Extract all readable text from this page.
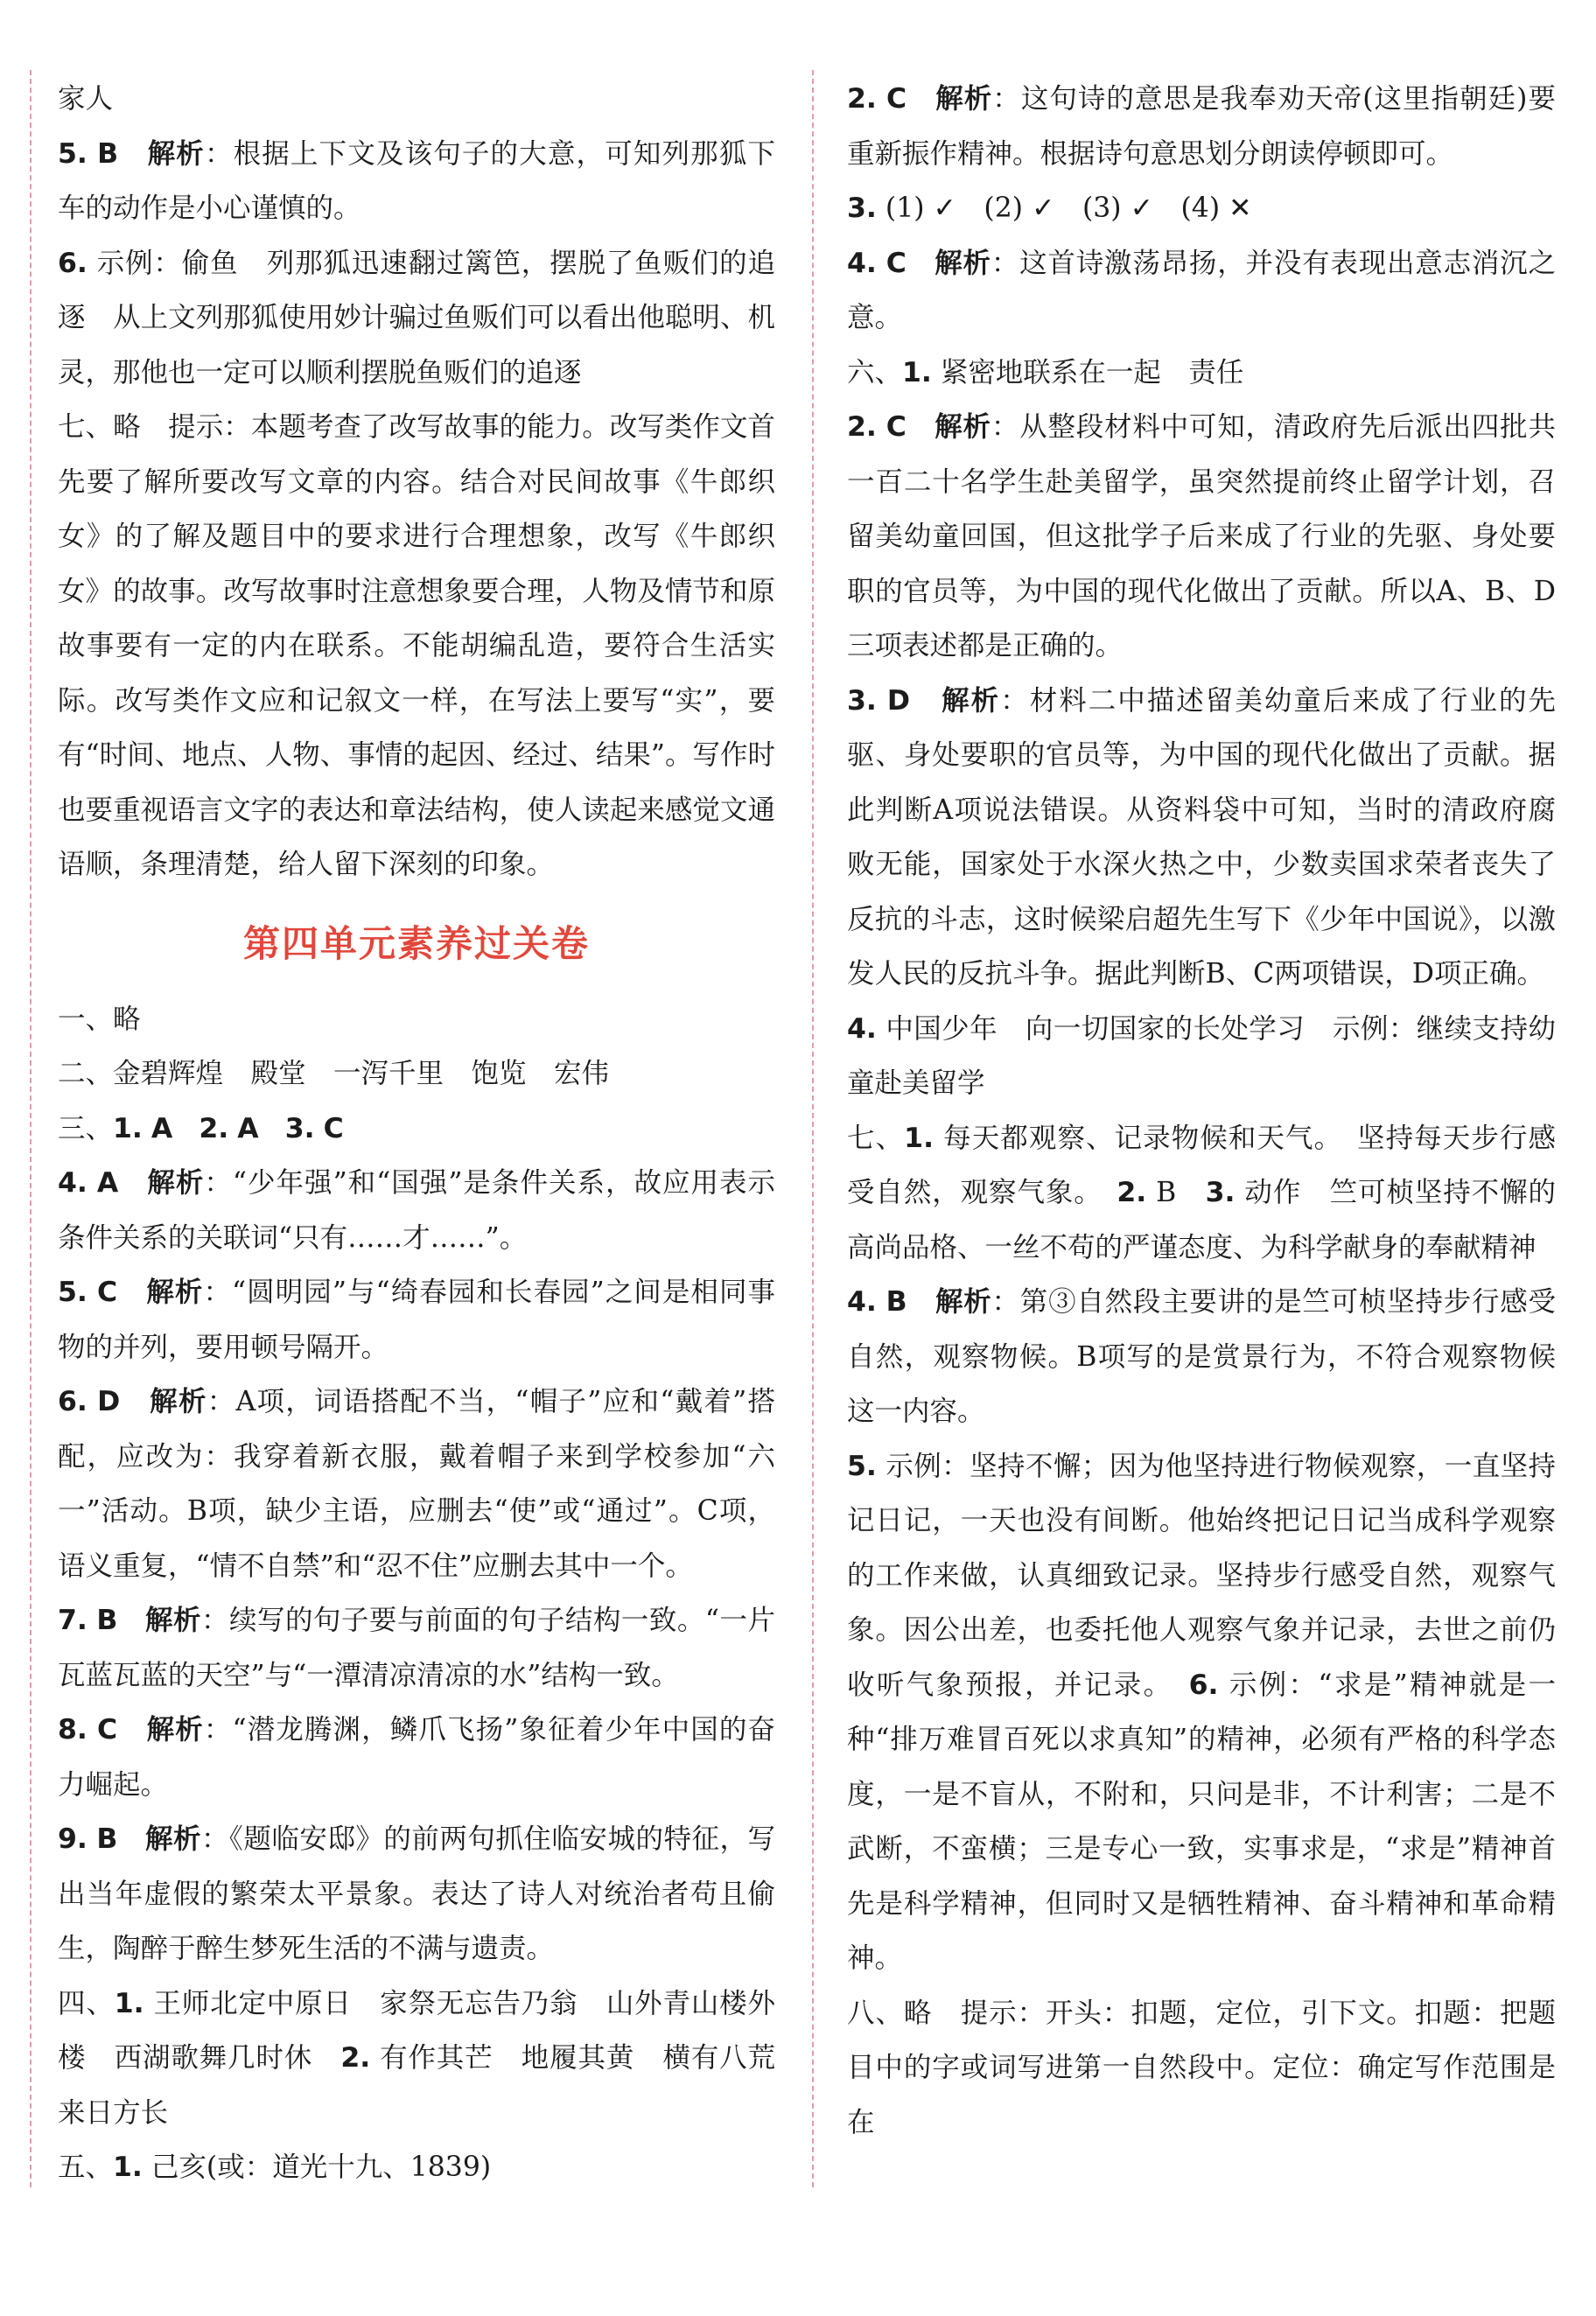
家人

5. B 解析：根据上下文及该句子的大意，可知列那狐下车的动作是小心谨慎的。

6. 示例：偷鱼　列那狐迅速翻过篱笆，摆脱了鱼贩们的追逐　从上文列那狐使用妙计骗过鱼贩们可以看出他聪明、机灵，那他也一定可以顺利摆脱鱼贩们的追逐

七、略　提示：本题考查了改写故事的能力。改写类作文首先要了解所要改写文章的内容。结合对民间故事《牛郎织女》的了解及题目中的要求进行合理想象，改写《牛郎织女》的故事。改写故事时注意想象要合理，人物及情节和原故事要有一定的内在联系。不能胡编乱造，要符合生活实际。改写类作文应和记叙文一样，在写法上要写“实”，要有“时间、地点、人物、事情的起因、经过、结果”。写作时也要重视语言文字的表达和章法结构，使人读起来感觉文通语顺，条理清楚，给人留下深刻的印象。

第四单元素养过关卷

一、略

二、金碧辉煌　殿堂　一泻千里　饱览　宏伟

三、1. A 2. A 3. C

4. A 解析：“少年强”和“国强”是条件关系，故应用表示条件关系的关联词“只有……才……”。

5. C 解析：“圆明园”与“绮春园和长春园”之间是相同事物的并列，要用顿号隔开。

6. D 解析：A项，词语搭配不当，“帽子”应和“戴着”搭配，应改为：我穿着新衣服，戴着帽子来到学校参加“六一”活动。B项，缺少主语，应删去“使”或“通过”。C项，语义重复，“情不自禁”和“忍不住”应删去其中一个。

7. B 解析：续写的句子要与前面的句子结构一致。“一片瓦蓝瓦蓝的天空”与“一潭清凉清凉的水”结构一致。

8. C 解析：“潜龙腾渊，鳞爪飞扬”象征着少年中国的奋力崛起。

9. B 解析：《题临安邸》的前两句抓住临安城的特征，写出当年虚假的繁荣太平景象。表达了诗人对统治者苟且偷生，陶醉于醉生梦死生活的不满与遗责。

四、1. 王师北定中原日　家祭无忘告乃翁　山外青山楼外楼　西湖歌舞几时休　2. 有作其芒　地履其黄　横有八荒　来日方长

五、1. 己亥(或：道光十九、1839)

2. C 解析：这句诗的意思是我奉劝天帝(这里指朝廷)要重新振作精神。根据诗句意思划分朗读停顿即可。

3. (1) ✓　(2) ✓　(3) ✓　(4) ✕

4. C 解析：这首诗激荡昂扬，并没有表现出意志消沉之意。

六、1. 紧密地联系在一起　责任

2. C 解析：从整段材料中可知，清政府先后派出四批共一百二十名学生赴美留学，虽突然提前终止留学计划，召留美幼童回国，但这批学子后来成了行业的先驱、身处要职的官员等，为中国的现代化做出了贡献。所以A、B、D三项表述都是正确的。

3. D 解析：材料二中描述留美幼童后来成了行业的先驱、身处要职的官员等，为中国的现代化做出了贡献。据此判断A项说法错误。从资料袋中可知，当时的清政府腐败无能，国家处于水深火热之中，少数卖国求荣者丧失了反抗的斗志，这时候梁启超先生写下《少年中国说》，以激发人民的反抗斗争。据此判断B、C两项错误，D项正确。

4. 中国少年　向一切国家的长处学习　示例：继续支持幼童赴美留学

七、1. 每天都观察、记录物候和天气。　坚持每天步行感受自然，观察气象。　2. B　3. 动作　竺可桢坚持不懈的高尚品格、一丝不苟的严谨态度、为科学献身的奉献精神

4. B 解析：第③自然段主要讲的是竺可桢坚持步行感受自然，观察物候。B项写的是赏景行为，不符合观察物候这一内容。

5. 示例：坚持不懈；因为他坚持进行物候观察，一直坚持记日记，一天也没有间断。他始终把记日记当成科学观察的工作来做，认真细致记录。坚持步行感受自然，观察气象。因公出差，也委托他人观察气象并记录，去世之前仍收听气象预报，并记录。　6. 示例：“求是”精神就是一种“排万难冒百死以求真知”的精神，必须有严格的科学态度，一是不盲从，不附和，只问是非，不计利害；二是不武断，不蛮横；三是专心一致，实事求是，“求是”精神首先是科学精神，但同时又是牺牲精神、奋斗精神和革命精神。

八、略　提示：开头：扣题，定位，引下文。扣题：把题目中的字或词写进第一自然段中。定位：确定写作范围是在
